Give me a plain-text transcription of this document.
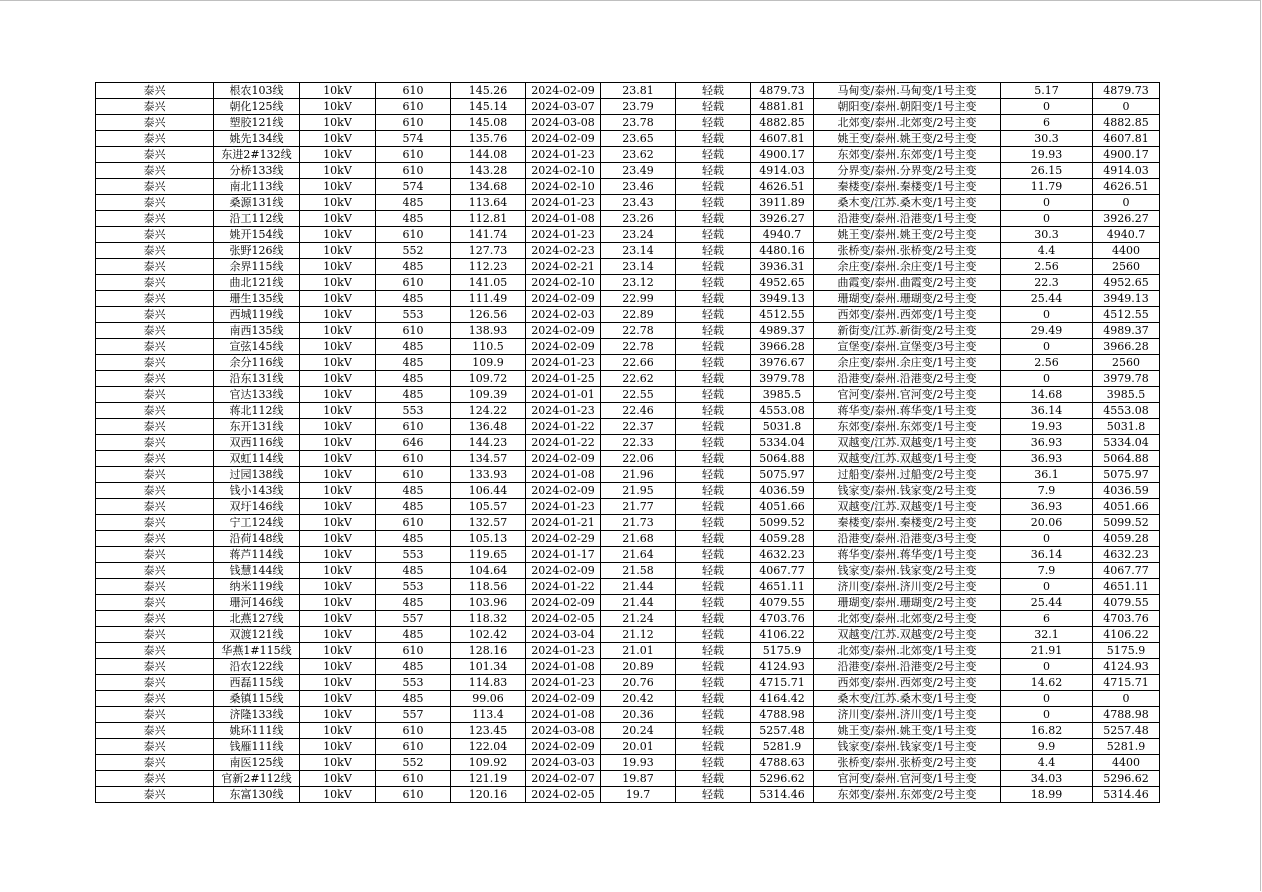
泰兴	根农103线	10kV	610	145.26	2024-02-09	23.81	轻载	4879.73	马甸变/泰州.马甸变/1号主变	5.17	4879.73
泰兴	朝化125线	10kV	610	145.14	2024-03-07	23.79	轻载	4881.81	朝阳变/泰州.朝阳变/1号主变	0	0
泰兴	塑胶121线	10kV	610	145.08	2024-03-08	23.78	轻载	4882.85	北郊变/泰州.北郊变/2号主变	6	4882.85
泰兴	姚先134线	10kV	574	135.76	2024-02-09	23.65	轻载	4607.81	姚王变/泰州.姚王变/2号主变	30.3	4607.81
泰兴	东进2#132线	10kV	610	144.08	2024-01-23	23.62	轻载	4900.17	东郊变/泰州.东郊变/1号主变	19.93	4900.17
泰兴	分桥133线	10kV	610	143.28	2024-02-10	23.49	轻载	4914.03	分界变/泰州.分界变/2号主变	26.15	4914.03
泰兴	南北113线	10kV	574	134.68	2024-02-10	23.46	轻载	4626.51	秦楼变/泰州.秦楼变/1号主变	11.79	4626.51
泰兴	桑源131线	10kV	485	113.64	2024-01-23	23.43	轻载	3911.89	桑木变/江苏.桑木变/1号主变	0	0
泰兴	沿工112线	10kV	485	112.81	2024-01-08	23.26	轻载	3926.27	沿港变/泰州.沿港变/1号主变	0	3926.27
泰兴	姚开154线	10kV	610	141.74	2024-01-23	23.24	轻载	4940.7	姚王变/泰州.姚王变/2号主变	30.3	4940.7
泰兴	张野126线	10kV	552	127.73	2024-02-23	23.14	轻载	4480.16	张桥变/泰州.张桥变/2号主变	4.4	4400
泰兴	余界115线	10kV	485	112.23	2024-02-21	23.14	轻载	3936.31	余庄变/泰州.余庄变/1号主变	2.56	2560
泰兴	曲北121线	10kV	610	141.05	2024-02-10	23.12	轻载	4952.65	曲霞变/泰州.曲霞变/2号主变	22.3	4952.65
泰兴	珊生135线	10kV	485	111.49	2024-02-09	22.99	轻载	3949.13	珊瑚变/泰州.珊瑚变/2号主变	25.44	3949.13
泰兴	西城119线	10kV	553	126.56	2024-02-03	22.89	轻载	4512.55	西郊变/泰州.西郊变/1号主变	0	4512.55
泰兴	南西135线	10kV	610	138.93	2024-02-09	22.78	轻载	4989.37	新街变/江苏.新街变/2号主变	29.49	4989.37
泰兴	宣弦145线	10kV	485	110.5	2024-02-09	22.78	轻载	3966.28	宣堡变/泰州.宣堡变/3号主变	0	3966.28
泰兴	余分116线	10kV	485	109.9	2024-01-23	22.66	轻载	3976.67	余庄变/泰州.余庄变/1号主变	2.56	2560
泰兴	沿东131线	10kV	485	109.72	2024-01-25	22.62	轻载	3979.78	沿港变/泰州.沿港变/2号主变	0	3979.78
泰兴	官达133线	10kV	485	109.39	2024-01-01	22.55	轻载	3985.5	官河变/泰州.官河变/2号主变	14.68	3985.5
泰兴	蒋北112线	10kV	553	124.22	2024-01-23	22.46	轻载	4553.08	蒋华变/泰州.蒋华变/1号主变	36.14	4553.08
泰兴	东开131线	10kV	610	136.48	2024-01-22	22.37	轻载	5031.8	东郊变/泰州.东郊变/1号主变	19.93	5031.8
泰兴	双西116线	10kV	646	144.23	2024-01-22	22.33	轻载	5334.04	双越变/江苏.双越变/1号主变	36.93	5334.04
泰兴	双虹114线	10kV	610	134.57	2024-02-09	22.06	轻载	5064.88	双越变/江苏.双越变/1号主变	36.93	5064.88
泰兴	过园138线	10kV	610	133.93	2024-01-08	21.96	轻载	5075.97	过船变/泰州.过船变/2号主变	36.1	5075.97
泰兴	钱小143线	10kV	485	106.44	2024-02-09	21.95	轻载	4036.59	钱家变/泰州.钱家变/2号主变	7.9	4036.59
泰兴	双圩146线	10kV	485	105.57	2024-01-23	21.77	轻载	4051.66	双越变/江苏.双越变/1号主变	36.93	4051.66
泰兴	宁工124线	10kV	610	132.57	2024-01-21	21.73	轻载	5099.52	秦楼变/泰州.秦楼变/2号主变	20.06	5099.52
泰兴	沿荷148线	10kV	485	105.13	2024-02-29	21.68	轻载	4059.28	沿港变/泰州.沿港变/3号主变	0	4059.28
泰兴	蒋芦114线	10kV	553	119.65	2024-01-17	21.64	轻载	4632.23	蒋华变/泰州.蒋华变/1号主变	36.14	4632.23
泰兴	钱慧144线	10kV	485	104.64	2024-02-09	21.58	轻载	4067.77	钱家变/泰州.钱家变/2号主变	7.9	4067.77
泰兴	纳米119线	10kV	553	118.56	2024-01-22	21.44	轻载	4651.11	济川变/泰州.济川变/2号主变	0	4651.11
泰兴	珊河146线	10kV	485	103.96	2024-02-09	21.44	轻载	4079.55	珊瑚变/泰州.珊瑚变/2号主变	25.44	4079.55
泰兴	北燕127线	10kV	557	118.32	2024-02-05	21.24	轻载	4703.76	北郊变/泰州.北郊变/2号主变	6	4703.76
泰兴	双渡121线	10kV	485	102.42	2024-03-04	21.12	轻载	4106.22	双越变/江苏.双越变/2号主变	32.1	4106.22
泰兴	华燕1#115线	10kV	610	128.16	2024-01-23	21.01	轻载	5175.9	北郊变/泰州.北郊变/1号主变	21.91	5175.9
泰兴	沿农122线	10kV	485	101.34	2024-01-08	20.89	轻载	4124.93	沿港变/泰州.沿港变/2号主变	0	4124.93
泰兴	西磊115线	10kV	553	114.83	2024-01-23	20.76	轻载	4715.71	西郊变/泰州.西郊变/2号主变	14.62	4715.71
泰兴	桑镇115线	10kV	485	99.06	2024-02-09	20.42	轻载	4164.42	桑木变/江苏.桑木变/1号主变	0	0
泰兴	济隆133线	10kV	557	113.4	2024-01-08	20.36	轻载	4788.98	济川变/泰州.济川变/1号主变	0	4788.98
泰兴	姚环111线	10kV	610	123.45	2024-03-08	20.24	轻载	5257.48	姚王变/泰州.姚王变/1号主变	16.82	5257.48
泰兴	钱雁111线	10kV	610	122.04	2024-02-09	20.01	轻载	5281.9	钱家变/泰州.钱家变/1号主变	9.9	5281.9
泰兴	南医125线	10kV	552	109.92	2024-03-03	19.93	轻载	4788.63	张桥变/泰州.张桥变/2号主变	4.4	4400
泰兴	官新2#112线	10kV	610	121.19	2024-02-07	19.87	轻载	5296.62	官河变/泰州.官河变/1号主变	34.03	5296.62
泰兴	东富130线	10kV	610	120.16	2024-02-05	19.7	轻载	5314.46	东郊变/泰州.东郊变/2号主变	18.99	5314.46
